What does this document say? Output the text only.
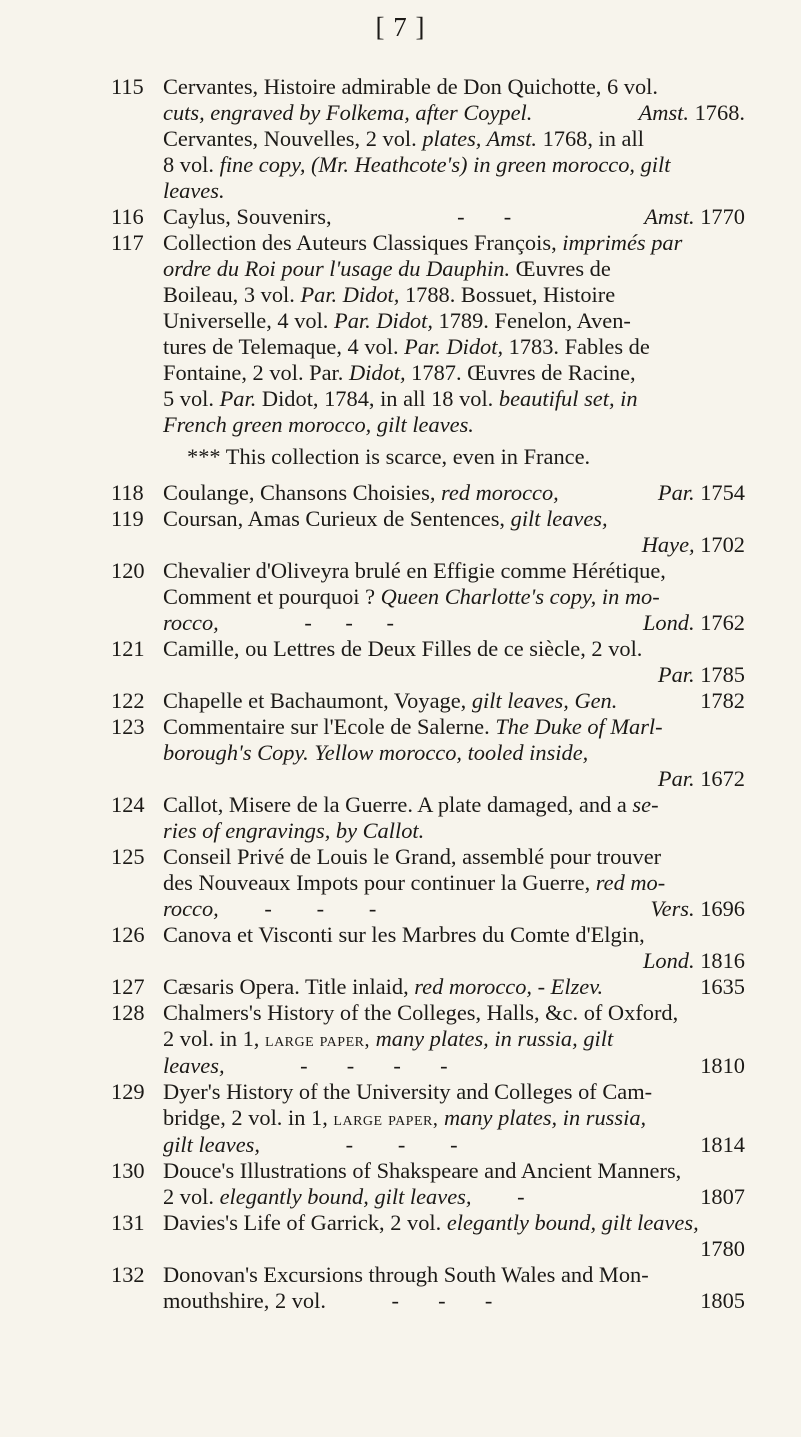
[ 7 ]
115 Cervantes, Histoire admirable de Don Quichotte, 6 vol.
cuts, engraved by Folkema, after Coypel.	Amst. 1768.
Cervantes, Nouvelles, 2 vol. plates, Amst. 1768, in all
8 vol. fine copy, (Mr. Heathcote's) in green morocco, gilt
leaves.
116 Caylus, Souvenirs,	-       -	Amst. 1770
117 Collection des Auteurs Classiques François, imprimés par
ordre du Roi pour l'usage du Dauphin. Œuvres de
Boileau, 3 vol. Par. Didot, 1788. Bossuet, Histoire
Universelle, 4 vol. Par. Didot, 1789. Fenelon, Aven-
tures de Telemaque, 4 vol. Par. Didot, 1783. Fables de
Fontaine, 2 vol. Par. Didot, 1787. Œuvres de Racine,
5 vol. Par. Didot, 1784, in all 18 vol. beautiful set, in
French green morocco, gilt leaves.
*** This collection is scarce, even in France.
118 Coulange, Chansons Choisies, red morocco,	Par. 1754
119 Coursan, Amas Curieux de Sentences, gilt leaves,
Haye, 1702
120 Chevalier d'Oliveyra brulé en Effigie comme Hérétique,
Comment et pourquoi ? Queen Charlotte's copy, in mo-
rocco,	-      -      -	Lond. 1762
121 Camille, ou Lettres de Deux Filles de ce siècle, 2 vol.
Par. 1785
122 Chapelle et Bachaumont, Voyage, gilt leaves, Gen.	1782
123 Commentaire sur l'Ecole de Salerne. The Duke of Marl-
borough's Copy. Yellow morocco, tooled inside,
Par. 1672
124 Callot, Misere de la Guerre. A plate damaged, and a se-
ries of engravings, by Callot.
125 Conseil Privé de Louis le Grand, assemblé pour trouver
des Nouveaux Impots pour continuer la Guerre, red mo-
rocco, -        -        -	Vers. 1696
126 Canova et Visconti sur les Marbres du Comte d'Elgin,
Lond. 1816
127 Cæsaris Opera. Title inlaid, red morocco, - Elzev.	1635
128 Chalmers's History of the Colleges, Halls, &c. of Oxford,
2 vol. in 1, large paper, many plates, in russia, gilt
leaves,	-       -       -       -	1810
129 Dyer's History of the University and Colleges of Cam-
bridge, 2 vol. in 1, large paper, many plates, in russia,
gilt leaves,	-        -        -	1814
130 Douce's Illustrations of Shakspeare and Ancient Manners,
2 vol. elegantly bound, gilt leaves, -	1807
131 Davies's Life of Garrick, 2 vol. elegantly bound, gilt leaves,
1780
132 Donovan's Excursions through South Wales and Mon-
mouthshire, 2 vol.	-       -       -	1805
